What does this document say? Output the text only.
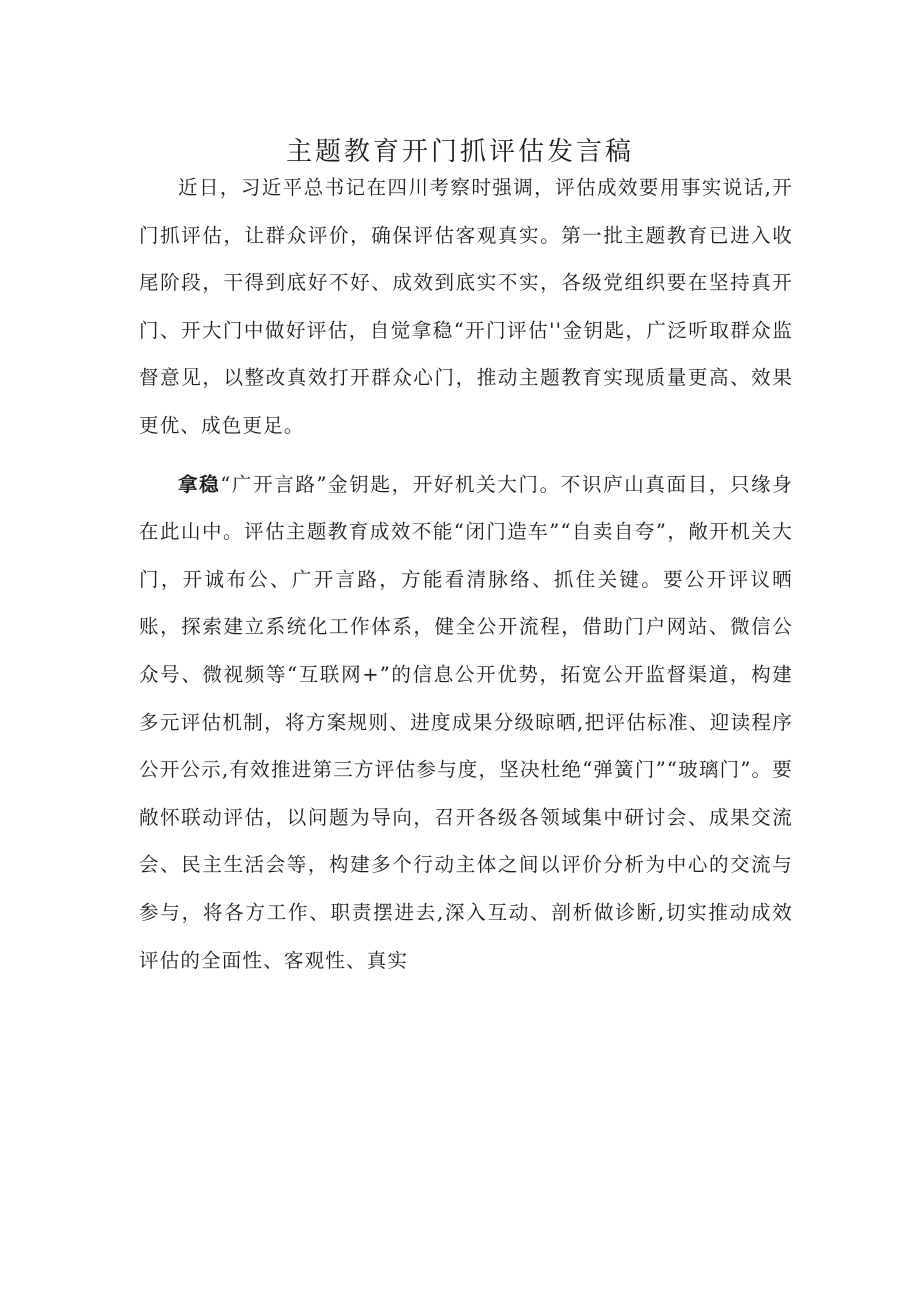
主题教育开门抓评估发言稿

近日，习近平总书记在四川考察时强调，评估成效要用事实说话,开门抓评估，让群众评价，确保评估客观真实。第一批主题教育已进入收尾阶段，干得到底好不好、成效到底实不实，各级党组织要在坚持真开门、开大门中做好评估，自觉拿稳“开门评估''金钥匙，广泛听取群众监督意见，以整改真效打开群众心门，推动主题教育实现质量更高、效果更优、成色更足。

拿稳“广开言路”金钥匙，开好机关大门。不识庐山真面目，只缘身在此山中。评估主题教育成效不能“闭门造车”“自卖自夸”，敞开机关大门，开诚布公、广开言路，方能看清脉络、抓住关键。要公开评议晒账，探索建立系统化工作体系，健全公开流程，借助门户网站、微信公众号、微视频等“互联网+”的信息公开优势，拓宽公开监督渠道，构建多元评估机制，将方案规则、进度成果分级晾晒,把评估标准、迎读程序公开公示,有效推进第三方评估参与度，坚决杜绝“弹簧门”“玻璃门”。要敞怀联动评估，以问题为导向，召开各级各领域集中研讨会、成果交流会、民主生活会等，构建多个行动主体之间以评价分析为中心的交流与参与，将各方工作、职责摆进去,深入互动、剖析做诊断,切实推动成效评估的全面性、客观性、真实
